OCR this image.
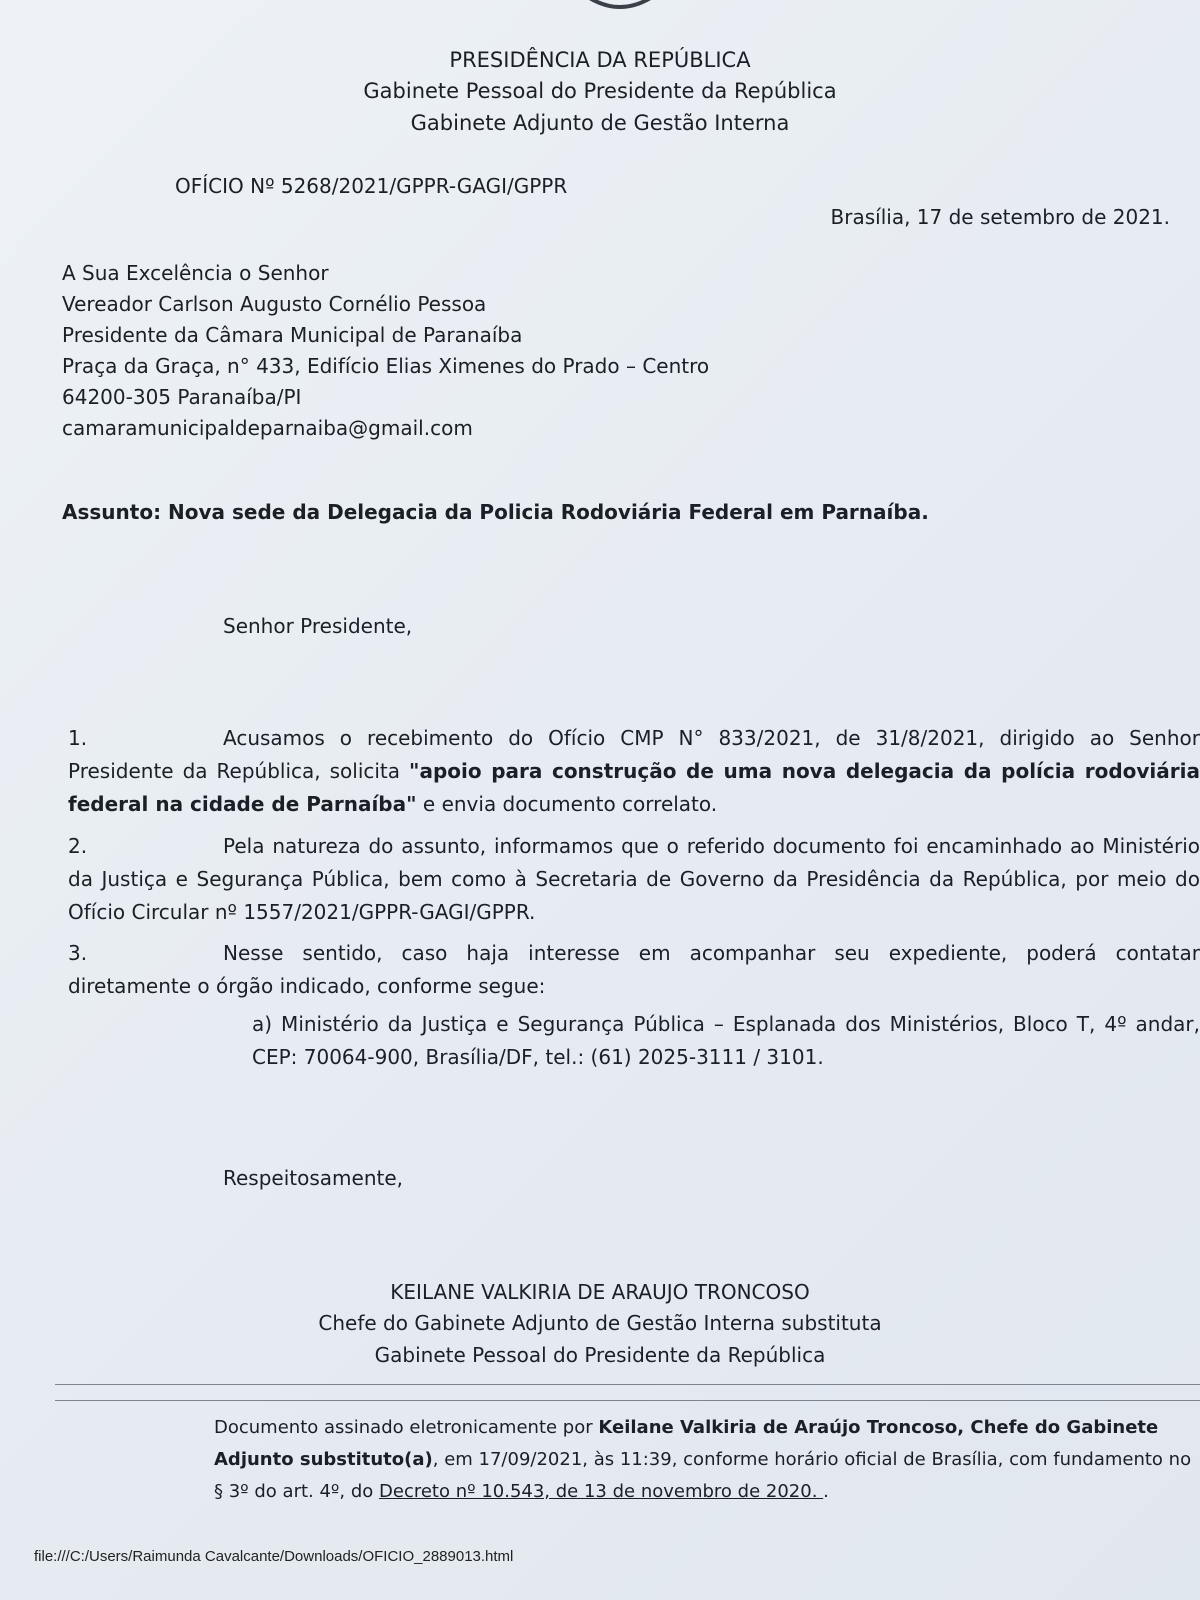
PRESIDÊNCIA DA REPÚBLICA
Gabinete Pessoal do Presidente da República
Gabinete Adjunto de Gestão Interna
OFÍCIO Nº 5268/2021/GPPR-GAGI/GPPR
Brasília, 17 de setembro de 2021.
A Sua Excelência o Senhor
Vereador Carlson Augusto Cornélio Pessoa
Presidente da Câmara Municipal de Paranaíba
Praça da Graça, n° 433, Edifício Elias Ximenes do Prado – Centro
64200-305 Paranaíba/PI
camaramunicipaldeparnaiba@gmail.com
Assunto: Nova sede da Delegacia da Policia Rodoviária Federal em Parnaíba.
Senhor Presidente,
1.	Acusamos o recebimento do Ofício CMP N° 833/2021, de 31/8/2021, dirigido ao Senhor Presidente da República, solicita "apoio para construção de uma nova delegacia da polícia rodoviária federal na cidade de Parnaíba" e envia documento correlato.
2.	Pela natureza do assunto, informamos que o referido documento foi encaminhado ao Ministério da Justiça e Segurança Pública, bem como à Secretaria de Governo da Presidência da República, por meio do Ofício Circular nº 1557/2021/GPPR-GAGI/GPPR.
3.	Nesse sentido, caso haja interesse em acompanhar seu expediente, poderá contatar diretamente o órgão indicado, conforme segue:
a) Ministério da Justiça e Segurança Pública – Esplanada dos Ministérios, Bloco T, 4º andar, CEP: 70064-900, Brasília/DF, tel.: (61) 2025-3111 / 3101.
Respeitosamente,
KEILANE VALKIRIA DE ARAUJO TRONCOSO
Chefe do Gabinete Adjunto de Gestão Interna substituta
Gabinete Pessoal do Presidente da República
Documento assinado eletronicamente por Keilane Valkiria de Araújo Troncoso, Chefe do Gabinete Adjunto substituto(a), em 17/09/2021, às 11:39, conforme horário oficial de Brasília, com fundamento no § 3º do art. 4º, do Decreto nº 10.543, de 13 de novembro de 2020. .
file:///C:/Users/Raimunda Cavalcante/Downloads/OFICIO_2889013.html
